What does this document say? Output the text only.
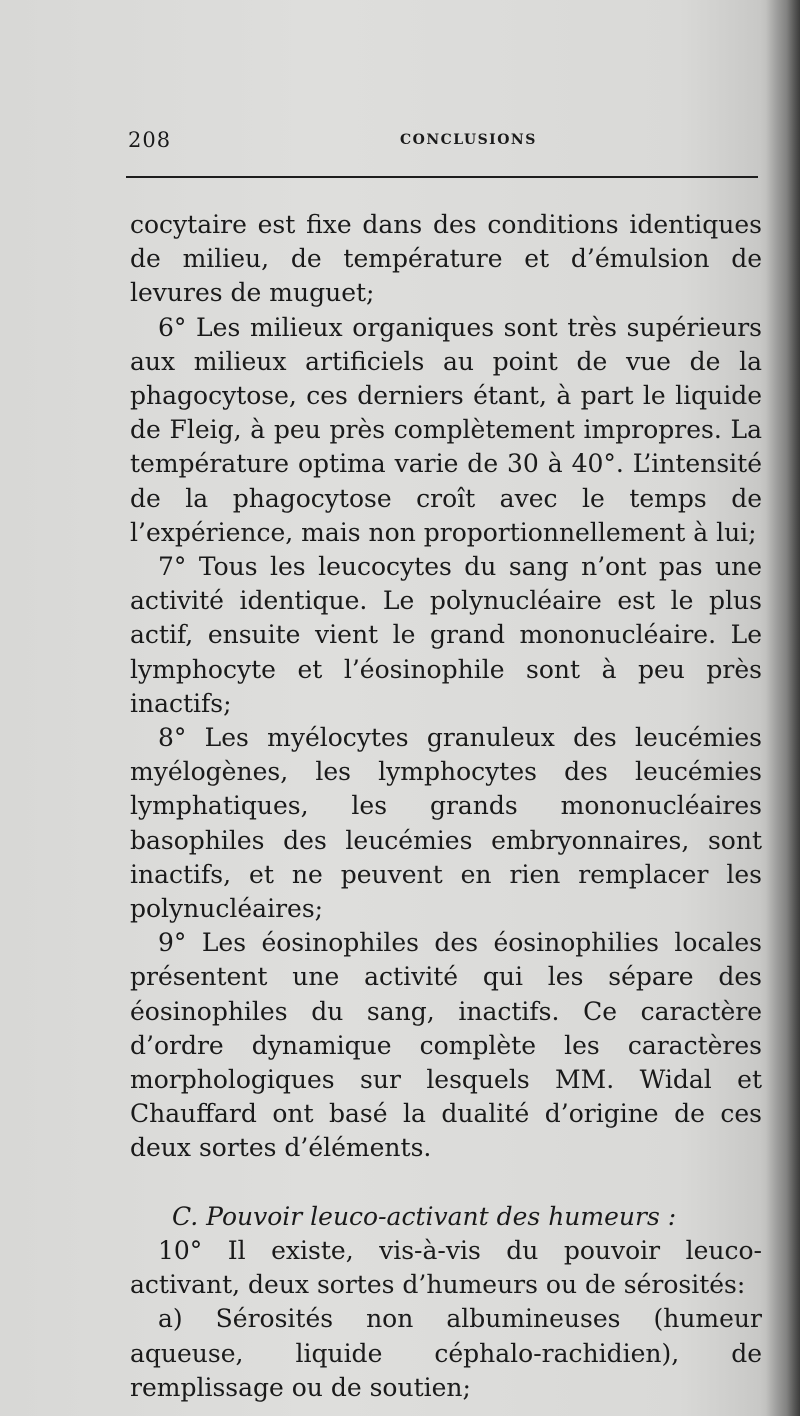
208	CONCLUSIONS

cocytaire est fixe dans des conditions identiques de milieu, de température et d’émulsion de levures de muguet;

6° Les milieux organiques sont très supérieurs aux milieux artificiels au point de vue de la phagocytose, ces derniers étant, à part le liquide de Fleig, à peu près complètement impropres. La température optima varie de 30 à 40°. L’intensité de la phagocytose croît avec le temps de l’expérience, mais non proportionnellement à lui;

7° Tous les leucocytes du sang n’ont pas une activité identique. Le polynucléaire est le plus actif, ensuite vient le grand mononucléaire. Le lymphocyte et l’éosinophile sont à peu près inactifs;

8° Les myélocytes granuleux des leucémies myélogènes, les lymphocytes des leucémies lymphatiques, les grands mononucléaires basophiles des leucémies embryonnaires, sont inactifs, et ne peuvent en rien remplacer les polynucléaires;

9° Les éosinophiles des éosinophilies locales présentent une activité qui les sépare des éosinophiles du sang, inactifs. Ce caractère d’ordre dynamique complète les caractères morphologiques sur lesquels MM. Widal et Chauffard ont basé la dualité d’origine de ces deux sortes d’éléments.

C. Pouvoir leuco-activant des humeurs :

10° Il existe, vis-à-vis du pouvoir leuco-activant, deux sortes d’humeurs ou de sérosités:

a) Sérosités non albumineuses (humeur aqueuse, liquide céphalo-rachidien), de remplissage ou de soutien;
